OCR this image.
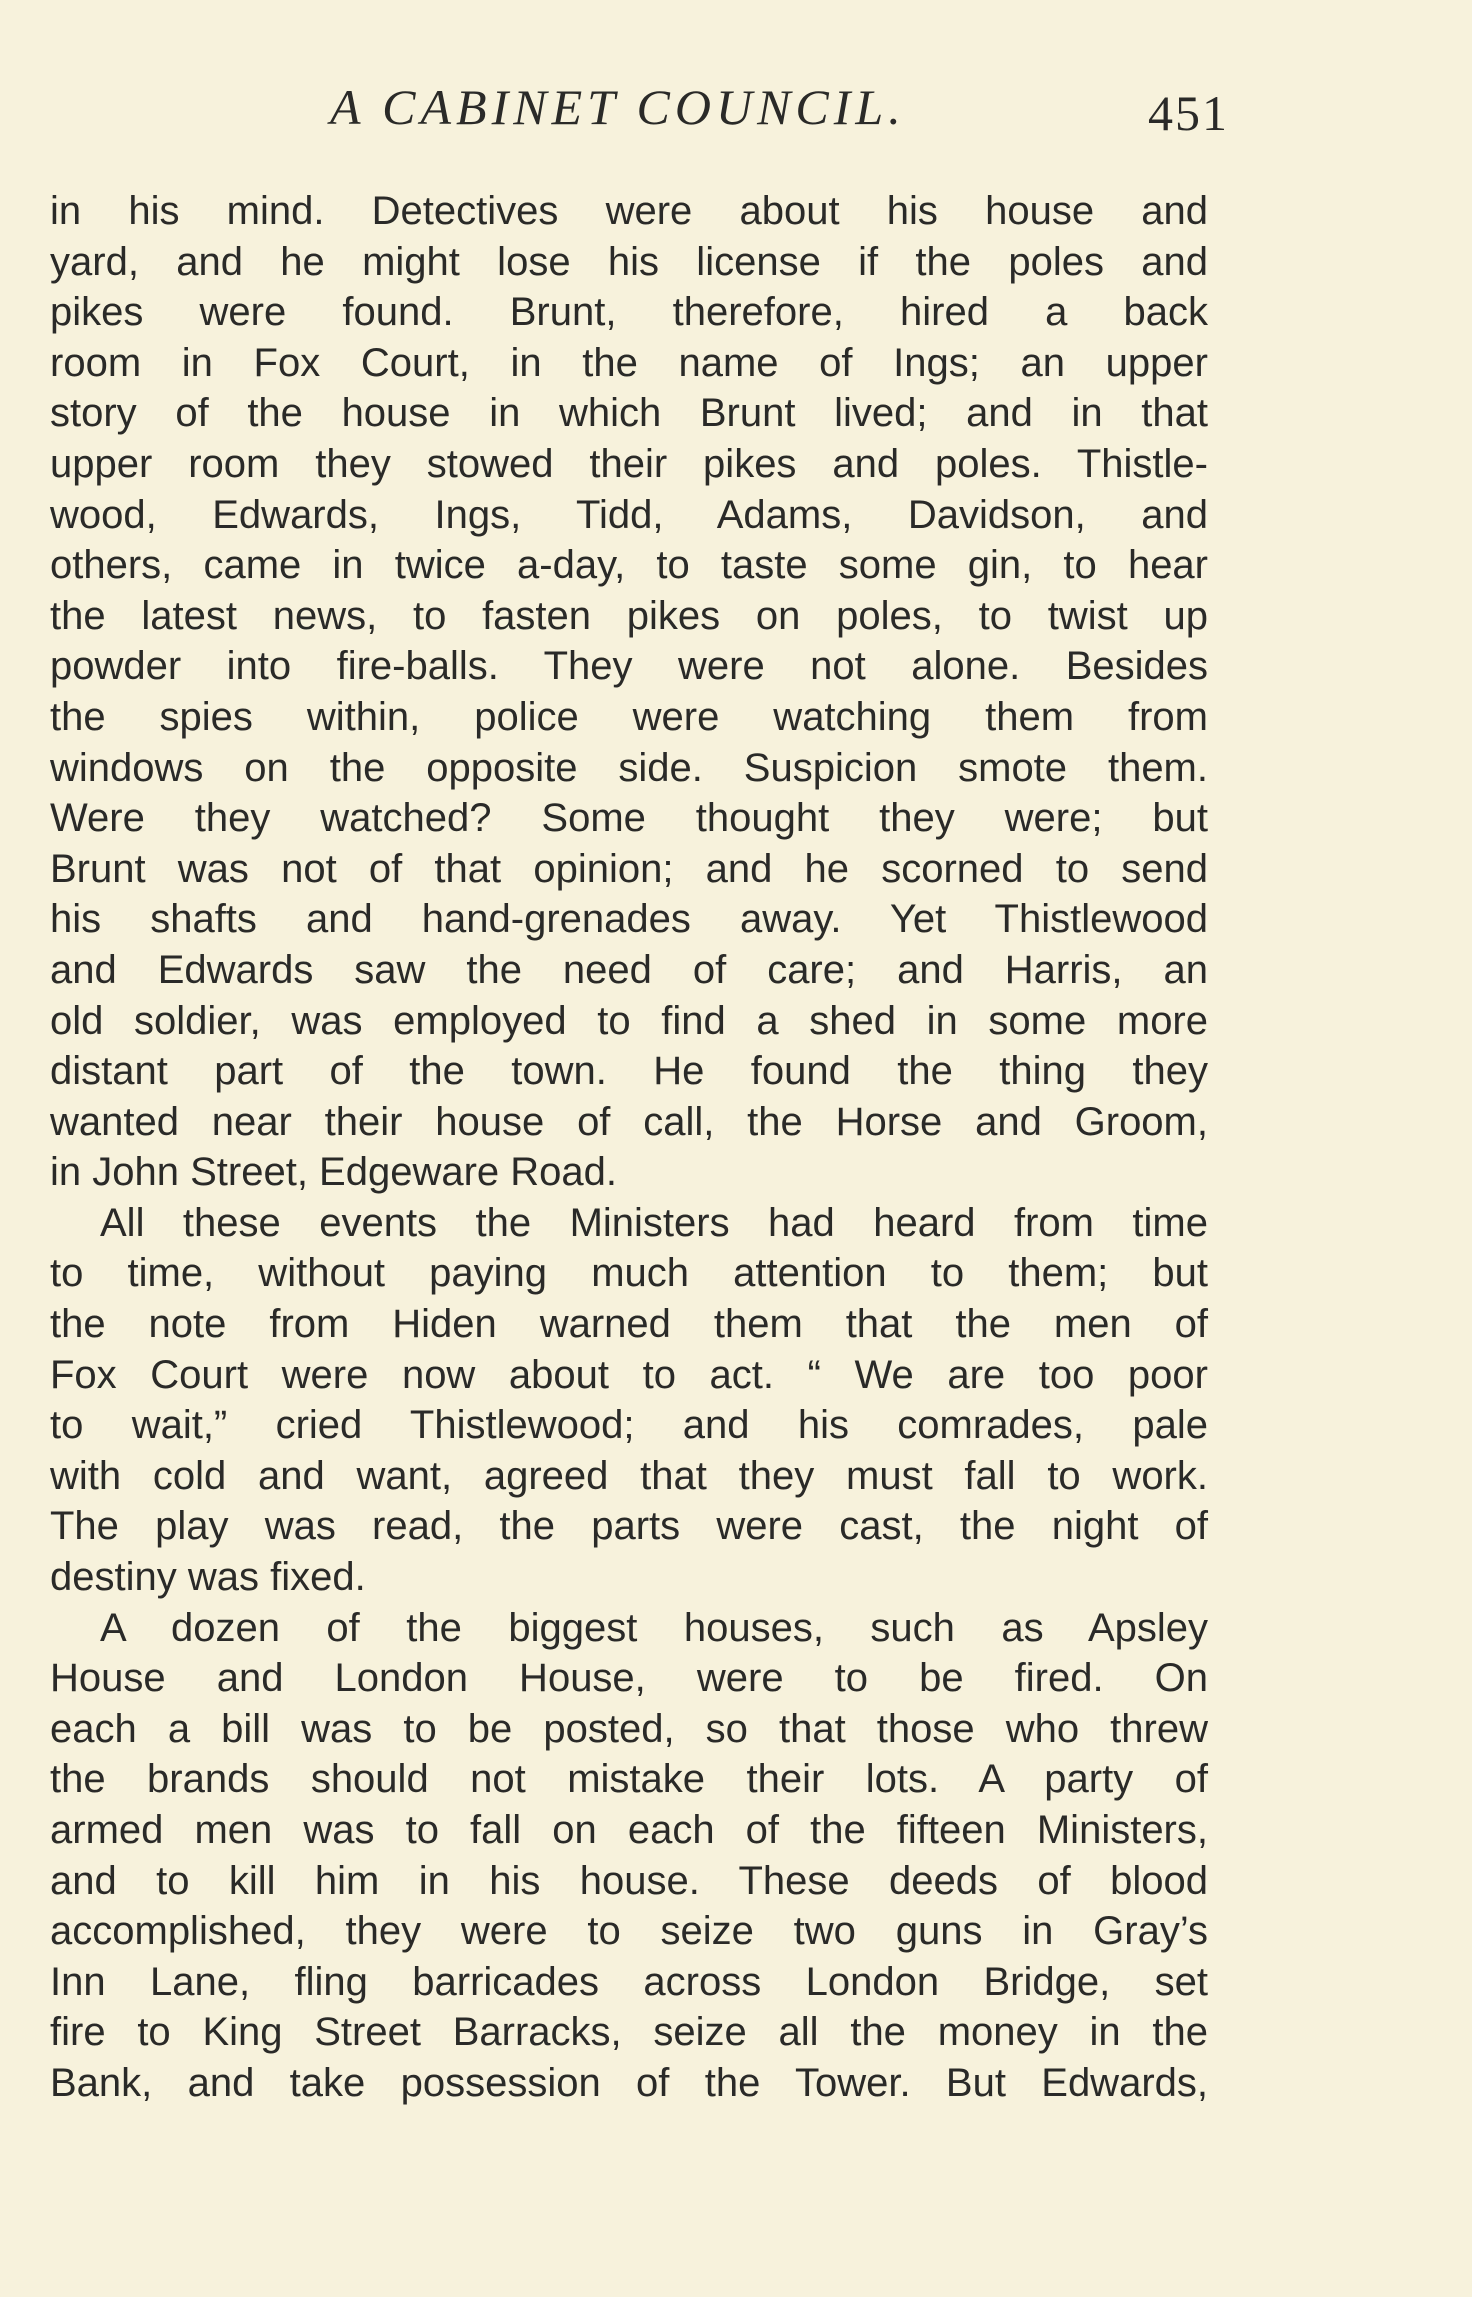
A CABINET COUNCIL.	451
in his mind. Detectives were about his house and
yard, and he might lose his license if the poles and
pikes were found. Brunt, therefore, hired a back
room in Fox Court, in the name of Ings; an upper
story of the house in which Brunt lived; and in that
upper room they stowed their pikes and poles. Thistle-
wood, Edwards, Ings, Tidd, Adams, Davidson, and
others, came in twice a-day, to taste some gin, to hear
the latest news, to fasten pikes on poles, to twist up
powder into fire-balls. They were not alone. Besides
the spies within, police were watching them from
windows on the opposite side. Suspicion smote them.
Were they watched? Some thought they were; but
Brunt was not of that opinion; and he scorned to send
his shafts and hand-grenades away. Yet Thistlewood
and Edwards saw the need of care; and Harris, an
old soldier, was employed to find a shed in some more
distant part of the town. He found the thing they
wanted near their house of call, the Horse and Groom,
in John Street, Edgeware Road.
All these events the Ministers had heard from time
to time, without paying much attention to them; but
the note from Hiden warned them that the men of
Fox Court were now about to act. “ We are too poor
to wait,” cried Thistlewood; and his comrades, pale
with cold and want, agreed that they must fall to work.
The play was read, the parts were cast, the night of
destiny was fixed.
A dozen of the biggest houses, such as Apsley
House and London House, were to be fired. On
each a bill was to be posted, so that those who threw
the brands should not mistake their lots. A party of
armed men was to fall on each of the fifteen Ministers,
and to kill him in his house. These deeds of blood
accomplished, they were to seize two guns in Gray’s
Inn Lane, fling barricades across London Bridge, set
fire to King Street Barracks, seize all the money in the
Bank, and take possession of the Tower. But Edwards,
